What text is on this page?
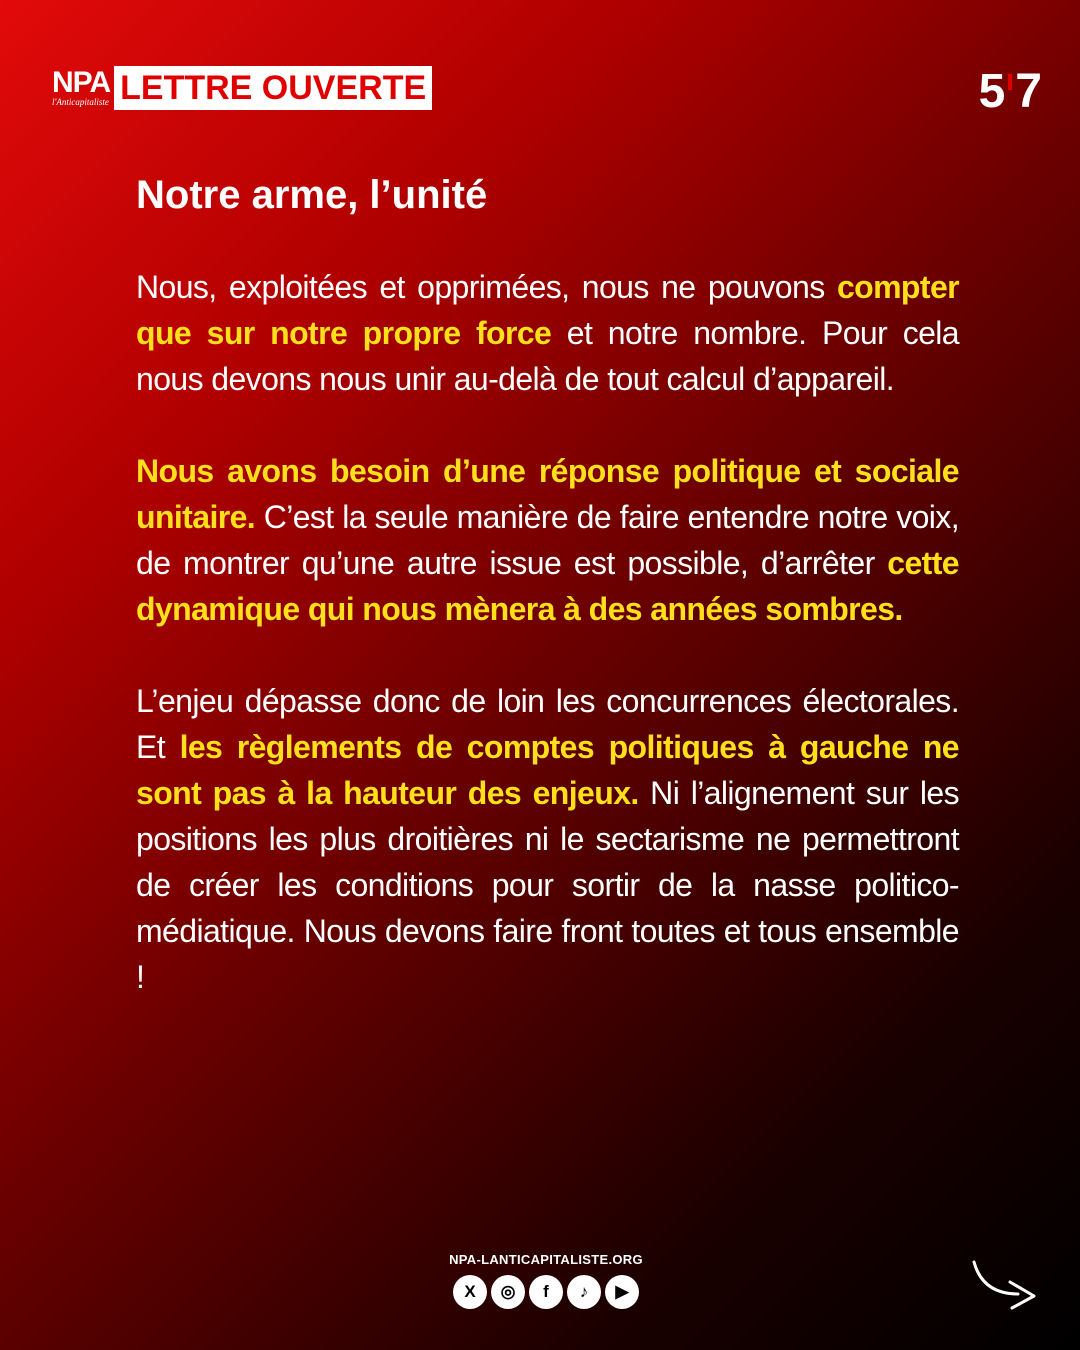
NPA
l'Anticapitaliste LETTRE OUVERTE	5 7
Notre arme, l’unité

Nous, exploitées et opprimées, nous ne pouvons compter que sur notre propre force et notre nombre. Pour cela nous devons nous unir au-delà de tout calcul d’appareil.

Nous avons besoin d’une réponse politique et sociale unitaire. C’est la seule manière de faire entendre notre voix, de montrer qu’une autre issue est possible, d’arrêter cette dynamique qui nous mènera à des années sombres.

L’enjeu dépasse donc de loin les concurrences électorales. Et les règlements de comptes politiques à gauche ne sont pas à la hauteur des enjeux. Ni l’alignement sur les positions les plus droitières ni le sectarisme ne permettront de créer les conditions pour sortir de la nasse politico-médiatique. Nous devons faire front toutes et tous ensemble !

NPA-LANTICAPITALISTE.ORG
X	◎	f	♪	▶
